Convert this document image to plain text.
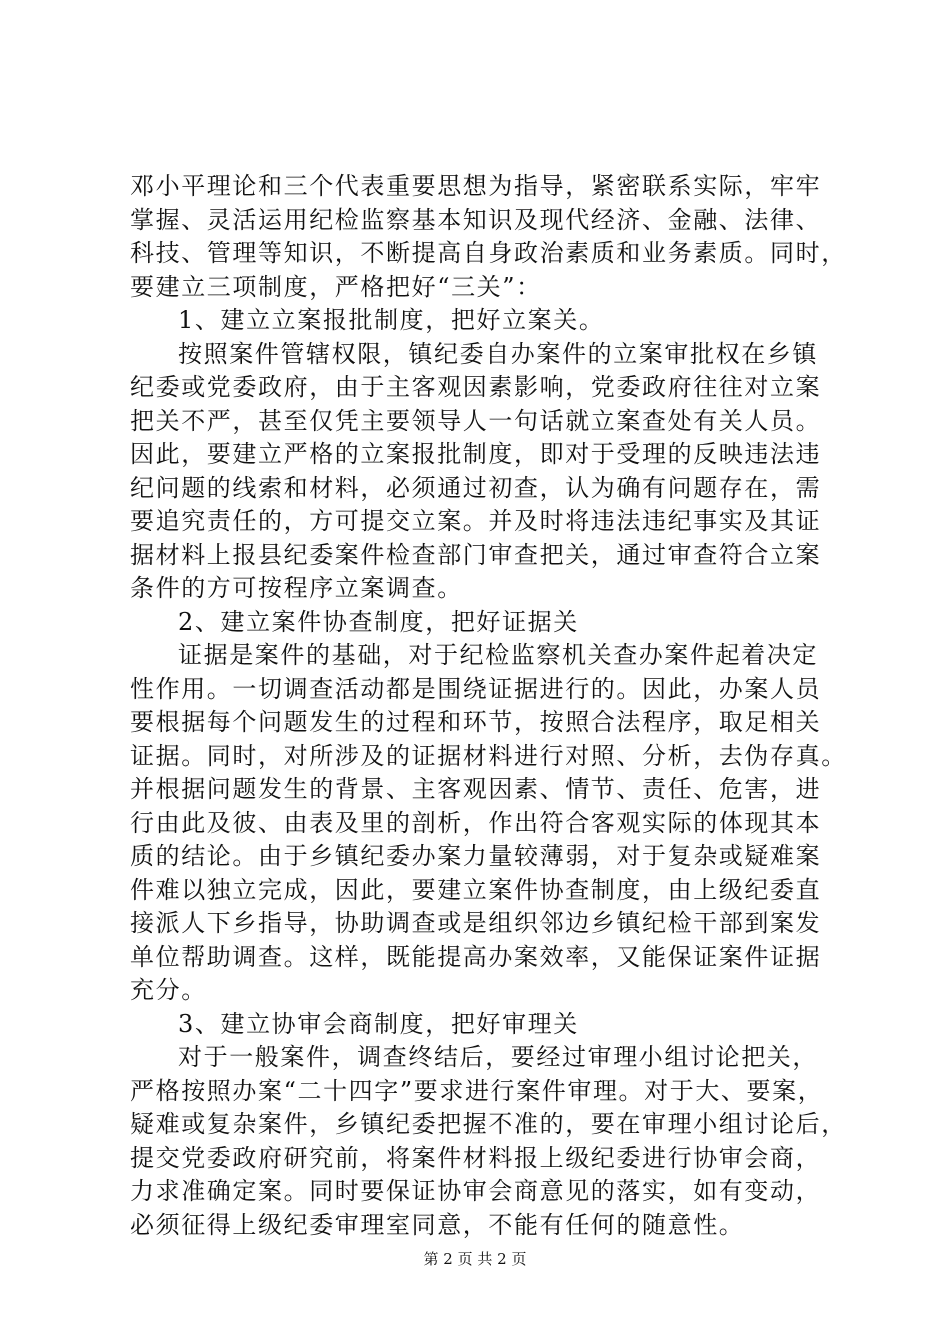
邓小平理论和三个代表重要思想为指导，紧密联系实际，牢牢
掌握、灵活运用纪检监察基本知识及现代经济、金融、法律、
科技、管理等知识，不断提高自身政治素质和业务素质。同时，
要建立三项制度，严格把好“三关”：
1、建立立案报批制度，把好立案关。
按照案件管辖权限，镇纪委自办案件的立案审批权在乡镇
纪委或党委政府，由于主客观因素影响，党委政府往往对立案
把关不严，甚至仅凭主要领导人一句话就立案查处有关人员。
因此，要建立严格的立案报批制度，即对于受理的反映违法违
纪问题的线索和材料，必须通过初查，认为确有问题存在，需
要追究责任的，方可提交立案。并及时将违法违纪事实及其证
据材料上报县纪委案件检查部门审查把关，通过审查符合立案
条件的方可按程序立案调查。
2、建立案件协查制度，把好证据关
证据是案件的基础，对于纪检监察机关查办案件起着决定
性作用。一切调查活动都是围绕证据进行的。因此，办案人员
要根据每个问题发生的过程和环节，按照合法程序，取足相关
证据。同时，对所涉及的证据材料进行对照、分析，去伪存真。
并根据问题发生的背景、主客观因素、情节、责任、危害，进
行由此及彼、由表及里的剖析，作出符合客观实际的体现其本
质的结论。由于乡镇纪委办案力量较薄弱，对于复杂或疑难案
件难以独立完成，因此，要建立案件协查制度，由上级纪委直
接派人下乡指导，协助调查或是组织邻边乡镇纪检干部到案发
单位帮助调查。这样，既能提高办案效率，又能保证案件证据
充分。
3、建立协审会商制度，把好审理关
对于一般案件，调查终结后，要经过审理小组讨论把关，
严格按照办案“二十四字”要求进行案件审理。对于大、要案，
疑难或复杂案件，乡镇纪委把握不准的，要在审理小组讨论后，
提交党委政府研究前，将案件材料报上级纪委进行协审会商，
力求准确定案。同时要保证协审会商意见的落实，如有变动，
必须征得上级纪委审理室同意，不能有任何的随意性。
第 2 页 共 2 页
